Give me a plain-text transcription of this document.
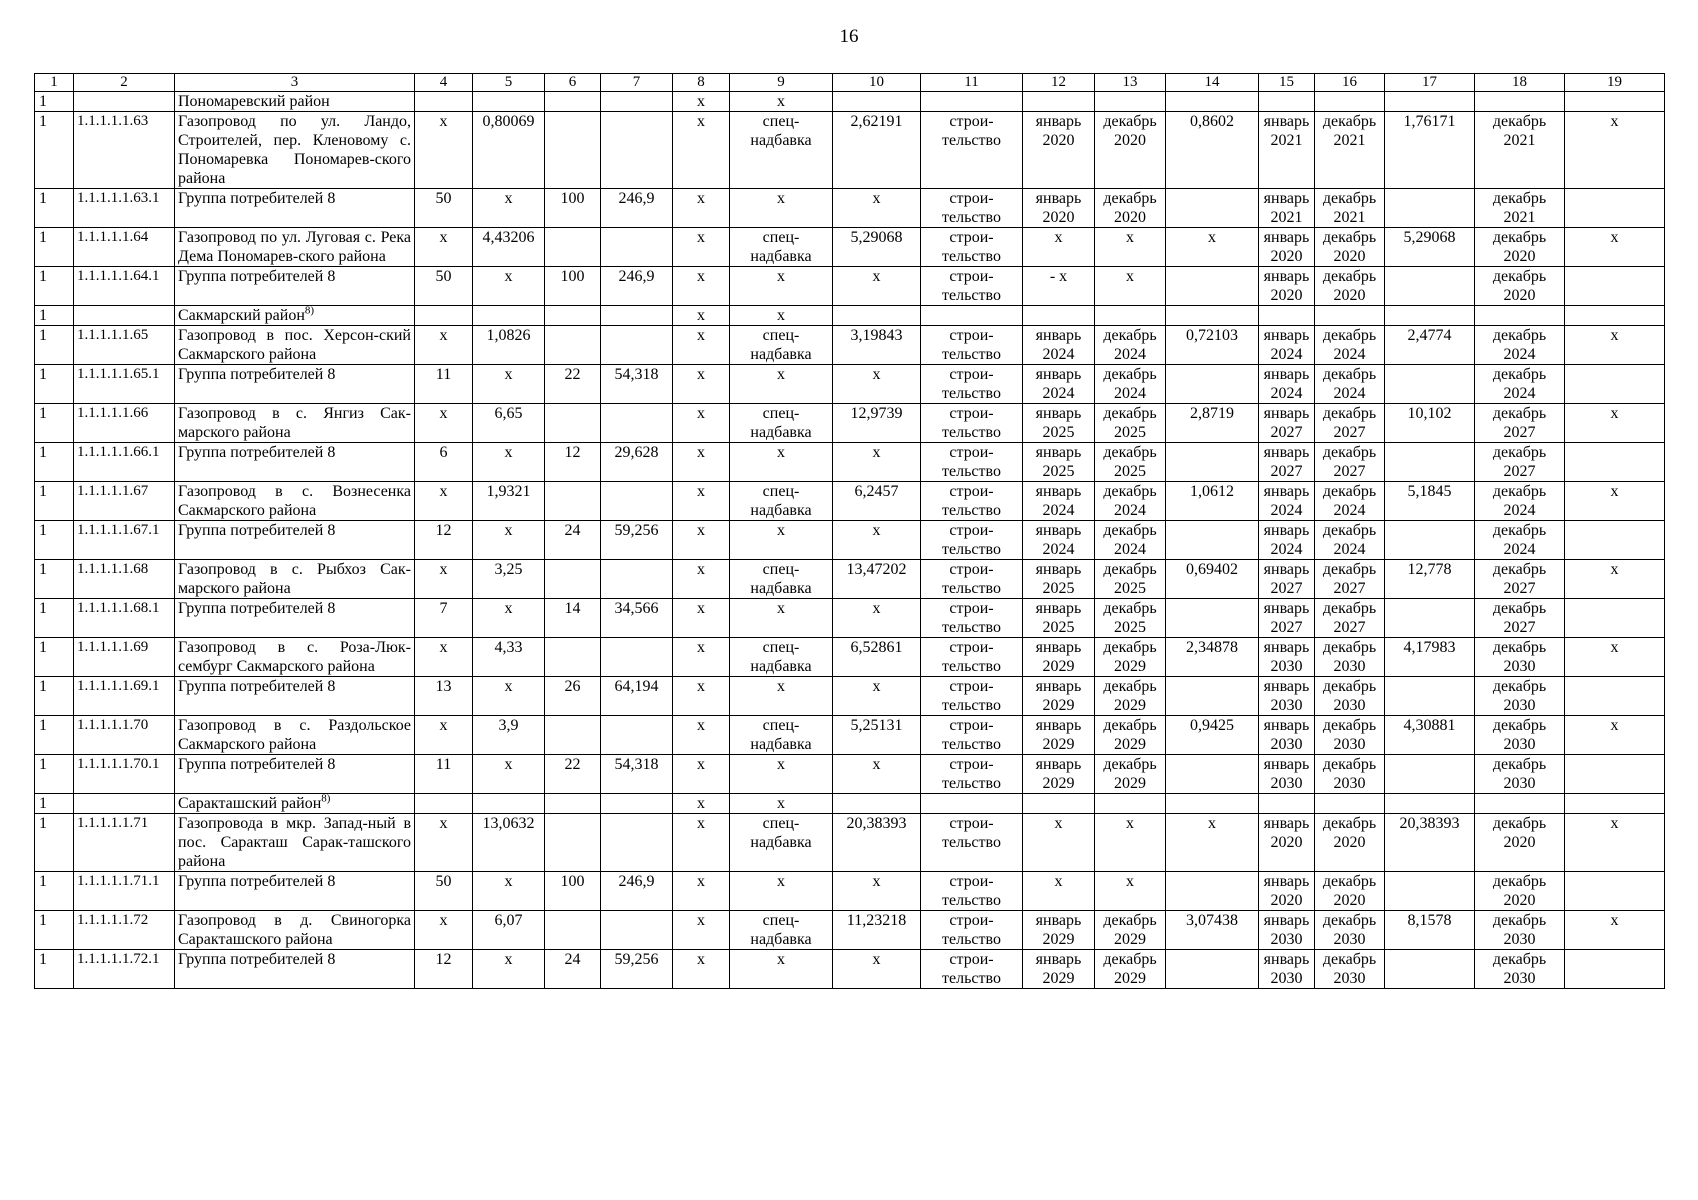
16
1	2	3	4	5	6	7	8	9	10	11	12	13	14	15	16	17	18	19
1		Пономаревский район					х	х										
1	1.1.1.1.1.63	Газопровод по ул. Ландо, Строителей, пер. Кленовому с. Пономаревка Пономарев-ского района	х	0,80069			х	спец-надбавка	2,62191	строи-тельство	январь 2020	декабрь 2020	0,8602	январь 2021	декабрь 2021	1,76171	декабрь 2021	х
1	1.1.1.1.1.63.1	Группа потребителей 8	50	х	100	246,9	х	х	х	строи-тельство	январь 2020	декабрь 2020		январь 2021	декабрь 2021		декабрь 2021	
1	1.1.1.1.1.64	Газопровод по ул. Луговая с. Река Дема Пономарев-ского района	х	4,43206			х	спец-надбавка	5,29068	строи-тельство	х	х	х	январь 2020	декабрь 2020	5,29068	декабрь 2020	х
1	1.1.1.1.1.64.1	Группа потребителей 8	50	х	100	246,9	х	х	х	строи-тельство	- х	х		январь 2020	декабрь 2020		декабрь 2020	
1		Сакмарский район$^{8)}$					х	х										
1	1.1.1.1.1.65	Газопровод в пос. Херсон-ский Сакмарского района	х	1,0826			х	спец-надбавка	3,19843	строи-тельство	январь 2024	декабрь 2024	0,72103	январь 2024	декабрь 2024	2,4774	декабрь 2024	х
1	1.1.1.1.1.65.1	Группа потребителей 8	11	х	22	54,318	х	х	х	строи-тельство	январь 2024	декабрь 2024		январь 2024	декабрь 2024		декабрь 2024	
1	1.1.1.1.1.66	Газопровод в с. Янгиз Сак-марского района	х	6,65			х	спец-надбавка	12,9739	строи-тельство	январь 2025	декабрь 2025	2,8719	январь 2027	декабрь 2027	10,102	декабрь 2027	х
1	1.1.1.1.1.66.1	Группа потребителей 8	6	х	12	29,628	х	х	х	строи-тельство	январь 2025	декабрь 2025		январь 2027	декабрь 2027		декабрь 2027	
1	1.1.1.1.1.67	Газопровод в с. Вознесенка Сакмарского района	х	1,9321			х	спец-надбавка	6,2457	строи-тельство	январь 2024	декабрь 2024	1,0612	январь 2024	декабрь 2024	5,1845	декабрь 2024	х
1	1.1.1.1.1.67.1	Группа потребителей 8	12	х	24	59,256	х	х	х	строи-тельство	январь 2024	декабрь 2024		январь 2024	декабрь 2024		декабрь 2024	
1	1.1.1.1.1.68	Газопровод в с. Рыбхоз Сак-марского района	х	3,25			х	спец-надбавка	13,47202	строи-тельство	январь 2025	декабрь 2025	0,69402	январь 2027	декабрь 2027	12,778	декабрь 2027	х
1	1.1.1.1.1.68.1	Группа потребителей 8	7	х	14	34,566	х	х	х	строи-тельство	январь 2025	декабрь 2025		январь 2027	декабрь 2027		декабрь 2027	
1	1.1.1.1.1.69	Газопровод в с. Роза-Люк-сембург Сакмарского района	х	4,33			х	спец-надбавка	6,52861	строи-тельство	январь 2029	декабрь 2029	2,34878	январь 2030	декабрь 2030	4,17983	декабрь 2030	х
1	1.1.1.1.1.69.1	Группа потребителей 8	13	х	26	64,194	х	х	х	строи-тельство	январь 2029	декабрь 2029		январь 2030	декабрь 2030		декабрь 2030	
1	1.1.1.1.1.70	Газопровод в с. Раздольское Сакмарского района	х	3,9			х	спец-надбавка	5,25131	строи-тельство	январь 2029	декабрь 2029	0,9425	январь 2030	декабрь 2030	4,30881	декабрь 2030	х
1	1.1.1.1.1.70.1	Группа потребителей 8	11	х	22	54,318	х	х	х	строи-тельство	январь 2029	декабрь 2029		январь 2030	декабрь 2030		декабрь 2030	
1		Саракташский район$^{8)}$					х	х										
1	1.1.1.1.1.71	Газопровода в мкр. Запад-ный в пос. Саракташ Сарак-ташского района	х	13,0632			х	спец-надбавка	20,38393	строи-тельство	х	х	х	январь 2020	декабрь 2020	20,38393	декабрь 2020	х
1	1.1.1.1.1.71.1	Группа потребителей 8	50	х	100	246,9	х	х	х	строи-тельство	х	х		январь 2020	декабрь 2020		декабрь 2020	
1	1.1.1.1.1.72	Газопровод в д. Свиногорка Саракташского района	х	6,07			х	спец-надбавка	11,23218	строи-тельство	январь 2029	декабрь 2029	3,07438	январь 2030	декабрь 2030	8,1578	декабрь 2030	х
1	1.1.1.1.1.72.1	Группа потребителей 8	12	х	24	59,256	х	х	х	строи-тельство	январь 2029	декабрь 2029		январь 2030	декабрь 2030		декабрь 2030	
